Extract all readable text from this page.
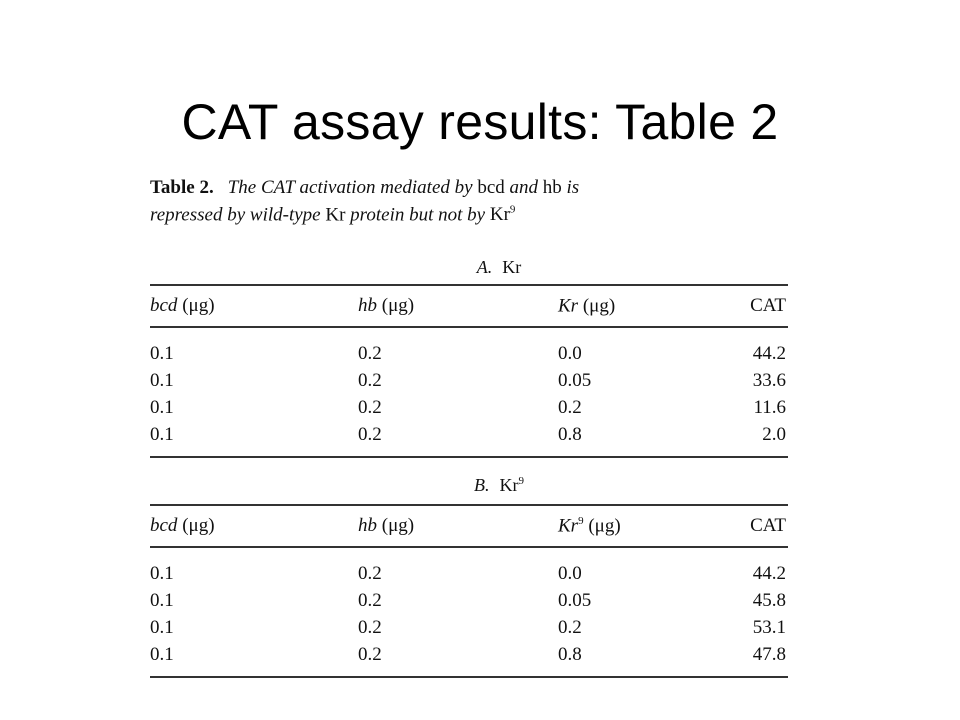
CAT assay results: Table 2

Table 2. The CAT activation mediated by bcd and hb is
repressed by wild-type Kr protein but not by Kr$^9$

A. Kr

bcd (μg)	hb (μg)	Kr (μg)	CAT
0.1	0.2	0.0	44.2
0.1	0.2	0.05	33.6
0.1	0.2	0.2	11.6
0.1	0.2	0.8	2.0

B. Kr$^9$

bcd (μg)	hb (μg)	Kr$^9$ (μg)	CAT
0.1	0.2	0.0	44.2
0.1	0.2	0.05	45.8
0.1	0.2	0.2	53.1
0.1	0.2	0.8	47.8
